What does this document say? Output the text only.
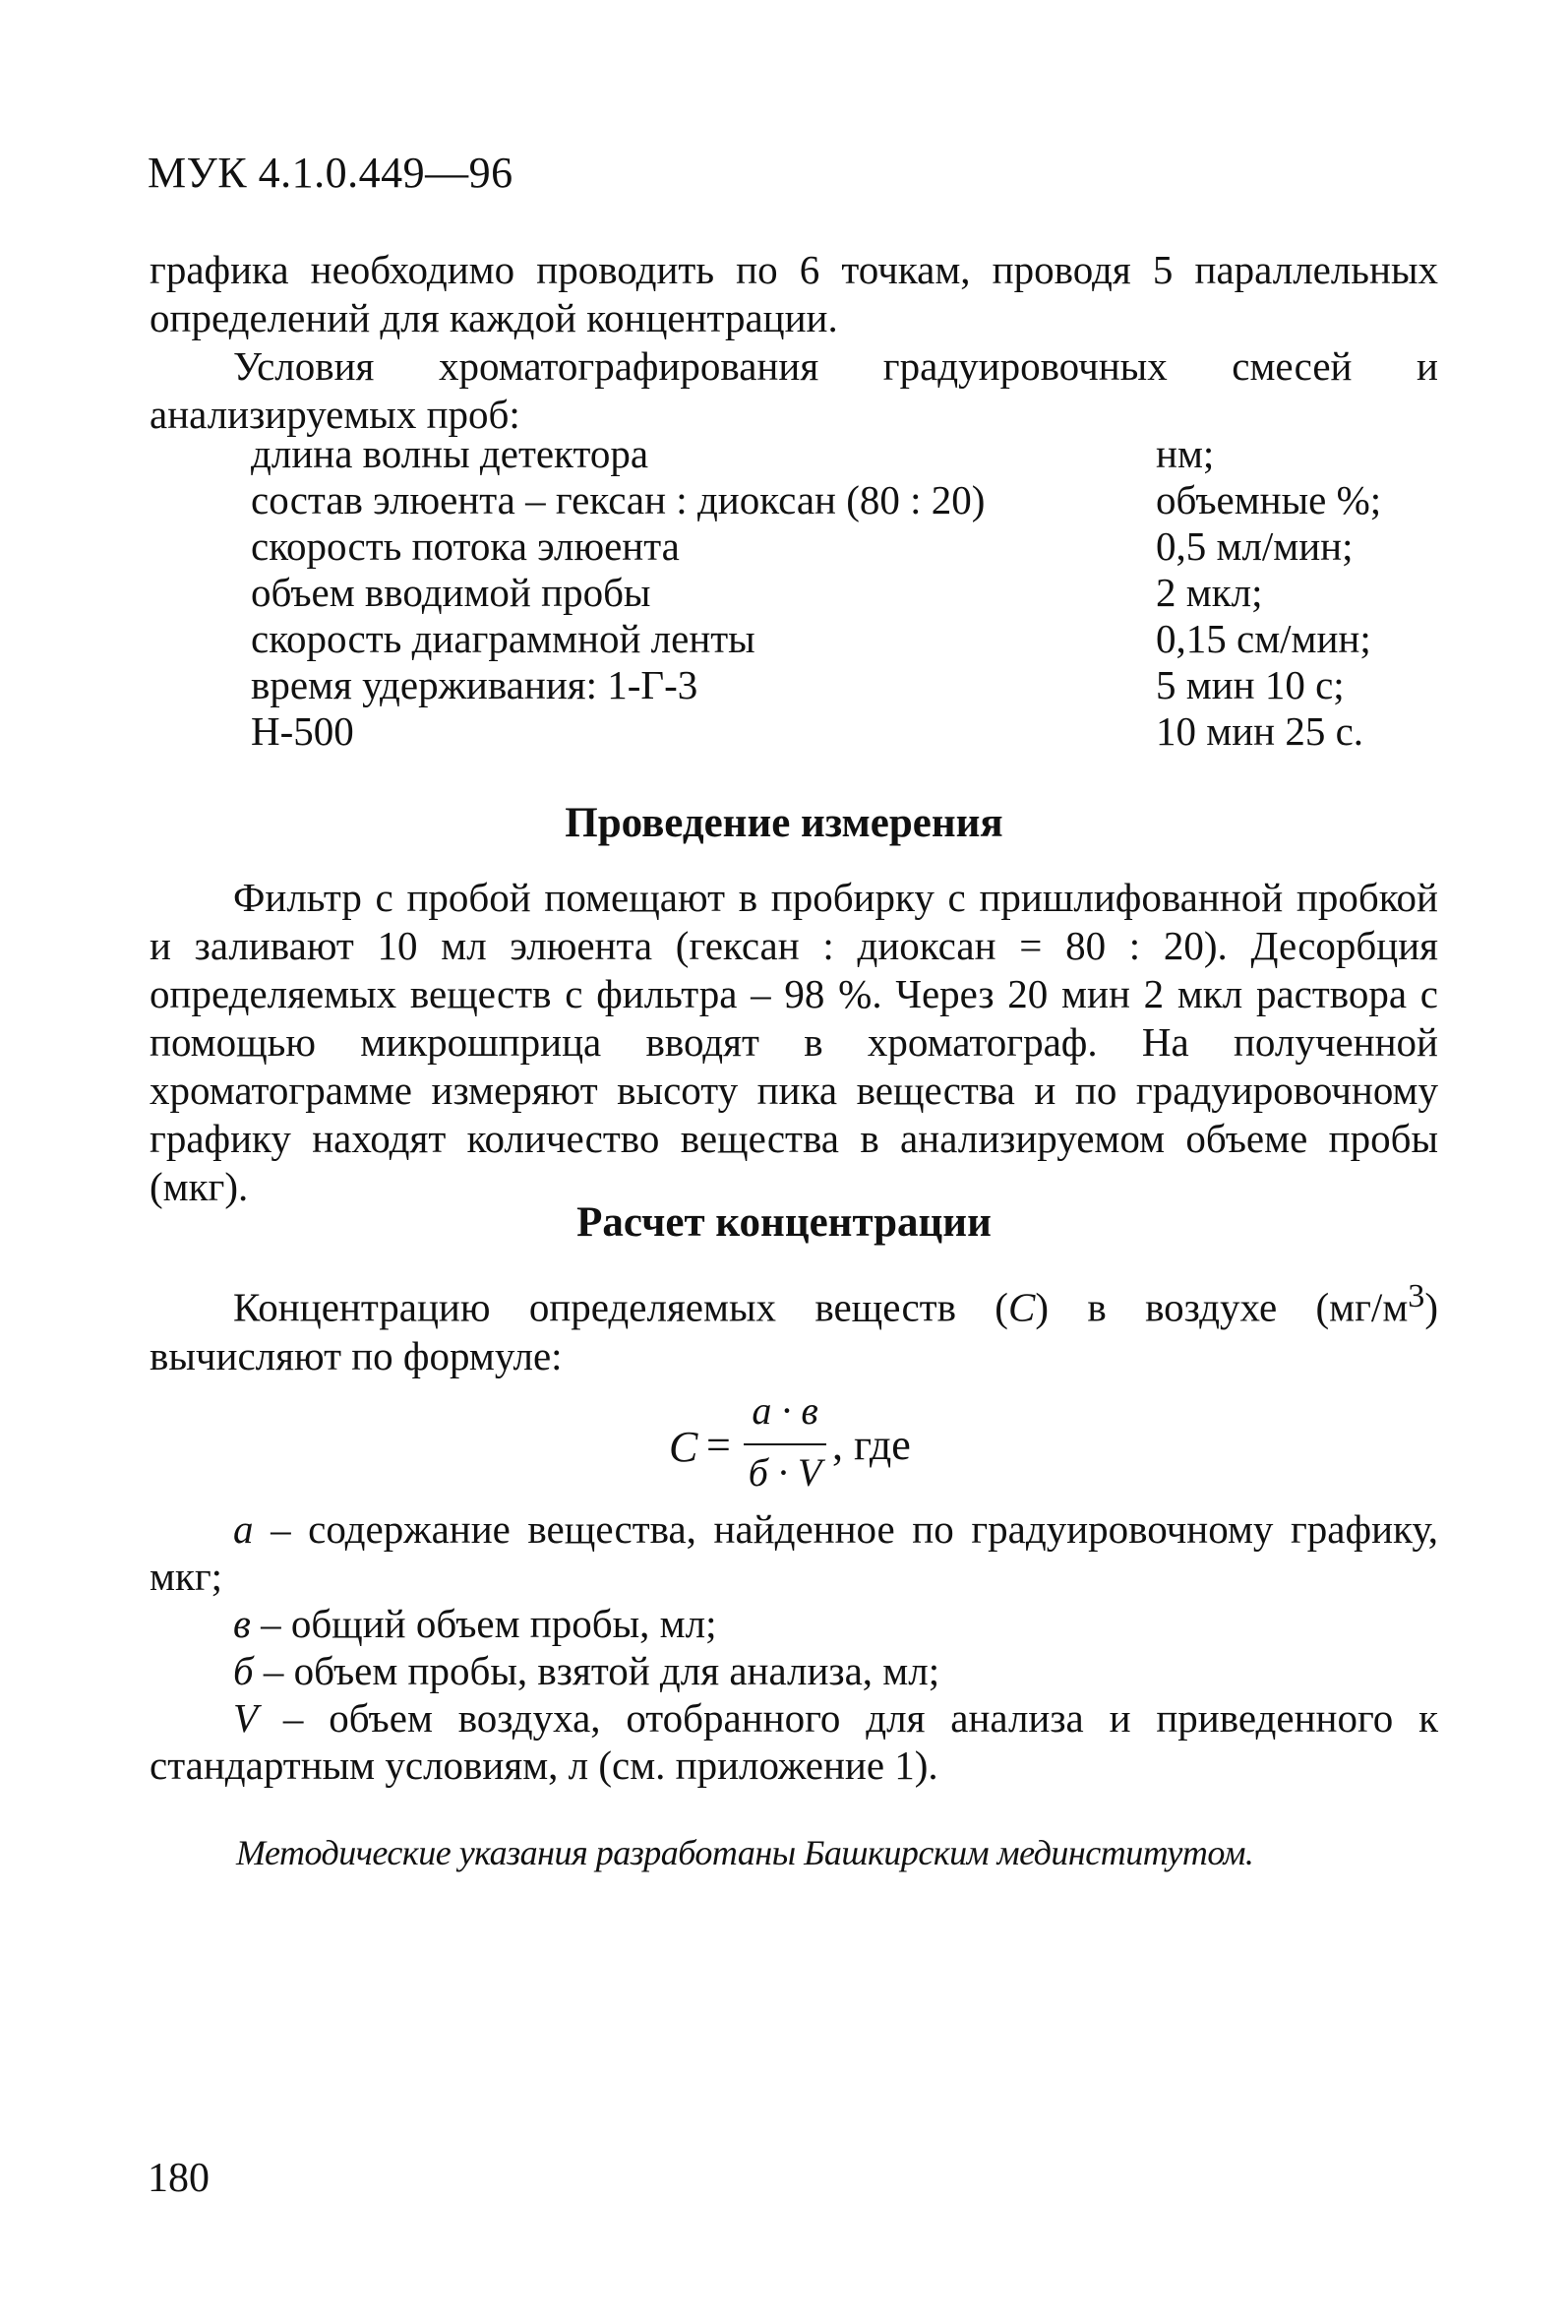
МУК 4.1.0.449—96
графика необходимо проводить по 6 точкам, проводя 5 параллельных определений для каждой концентрации.
Условия хроматографирования градуировочных смесей и анализируемых проб:
длина волны детектора	нм;
состав элюента – гексан : диоксан (80 : 20)	объемные %;
скорость потока элюента	0,5 мл/мин;
объем вводимой пробы	2 мкл;
скорость диаграммной ленты	0,15 см/мин;
время удерживания: 1-Г-3	5 мин 10 с;
Н-500	10 мин 25 с.
Проведение измерения
Фильтр с пробой помещают в пробирку с пришлифованной пробкой и заливают 10 мл элюента (гексан : диоксан = 80 : 20). Десорбция определяемых веществ с фильтра – 98 %. Через 20 мин 2 мкл раствора с помощью микрошприца вводят в хроматограф. На полученной хроматограмме измеряют высоту пика вещества и по градуировочному графику находят количество вещества в анализируемом объеме пробы (мкг).
Расчет концентрации
Концентрацию определяемых веществ (С) в воздухе $(мг/м^3)$ вычисляют по формуле:
С =
а · в
б · V
, где
а – содержание вещества, найденное по градуировочному графику, мкг;
в – общий объем пробы, мл;
б – объем пробы, взятой для анализа, мл;
V – объем воздуха, отобранного для анализа и приведенного к стандартным условиям, л (см. приложение 1).
Методические указания разработаны Башкирским мединститутом.
180
